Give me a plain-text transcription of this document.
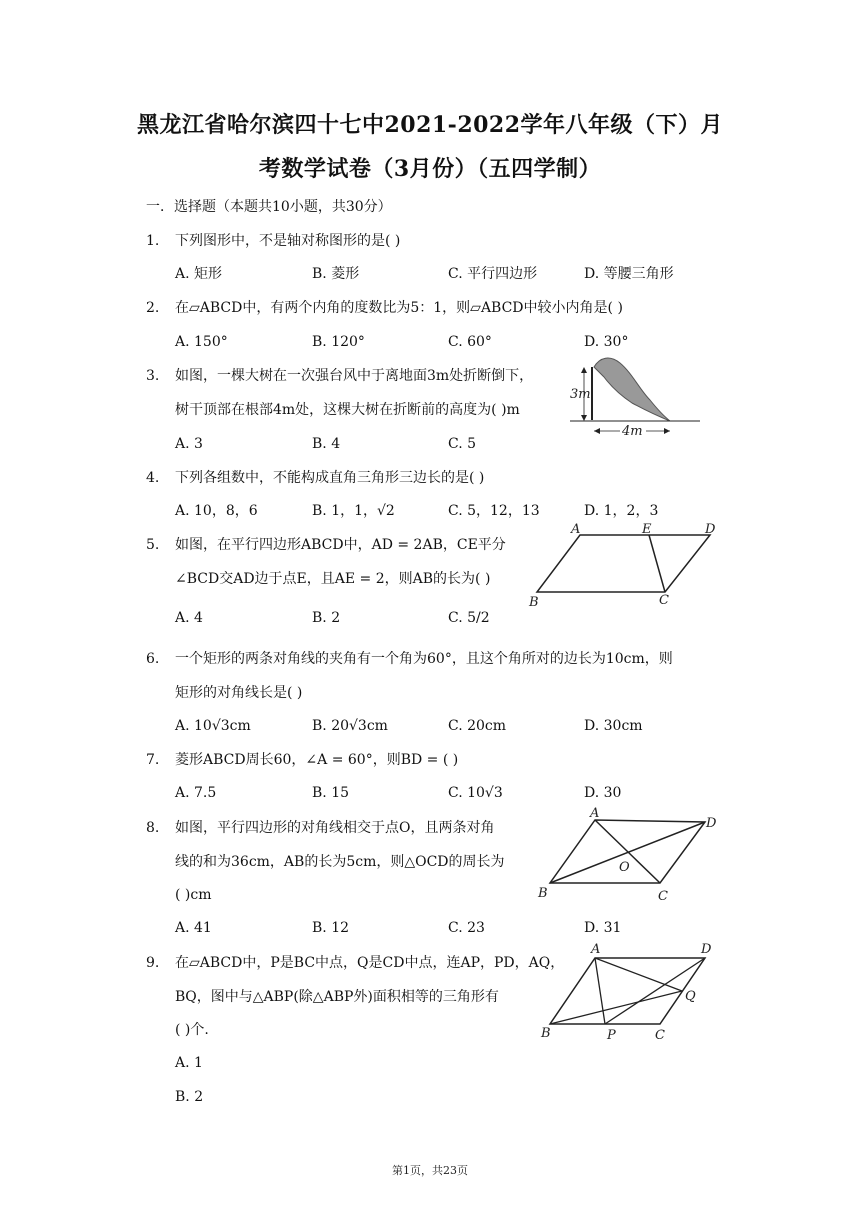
黑龙江省哈尔滨四十七中2021-2022学年八年级（下）月
考数学试卷（3月份）（五四学制）
一．选择题（本题共10小题，共30分）
1. 下列图形中，不是轴对称图形的是( )
A. 矩形	B. 菱形	C. 平行四边形	D. 等腰三角形
2. 在▱ABCD中，有两个内角的度数比为5：1，则▱ABCD中较小内角是( )
A. 150°	B. 120°	C. 60°	D. 30°
3. 如图，一棵大树在一次强台风中于离地面3m处折断倒下，
树干顶部在根部4m处，这棵大树在折断前的高度为( )m
A. 3	B. 4	C. 5
3m
4m
4. 下列各组数中，不能构成直角三角形三边长的是( )
A. 10，8，6	B. 1，1，√2	C. 5，12，13	D. 1，2，3
5. 如图，在平行四边形ABCD中，AD = 2AB，CE平分
∠BCD交AD边于点E，且AE = 2，则AB的长为( )
A. 4	B. 2	C. 5/2
A	E	D
B	C
6. 一个矩形的两条对角线的夹角有一个角为60°，且这个角所对的边长为10cm，则
矩形的对角线长是( )
A. 10√3cm	B. 20√3cm	C. 20cm	D. 30cm
7. 菱形ABCD周长60，∠A = 60°，则BD = ( )
A. 7.5	B. 15	C. 10√3	D. 30
8. 如图，平行四边形的对角线相交于点O，且两条对角
线的和为36cm，AB的长为5cm，则△OCD的周长为
( )cm
A. 41	B. 12	C. 23	D. 31
A
D
O
B	C
9. 在▱ABCD中，P是BC中点，Q是CD中点，连AP，PD，AQ，
BQ，图中与△ABP(除△ABP外)面积相等的三角形有
( )个.
A. 1
B. 2
A	D
Q
B	P	C
第1页，共23页
